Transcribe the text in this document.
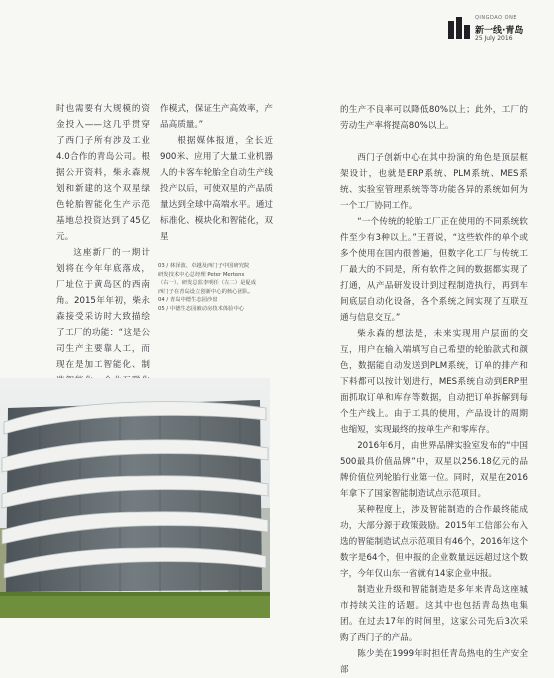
QINGDAO ONE
新一线·青岛
25 July 2016

时也需要有大规模的资金投入——这几乎贯穿了西门子所有涉及工业4.0合作的青岛公司。根据公开资料，柴永森规划和新建的这个双星绿色轮胎智能化生产示范基地总投资达到了45亿元。

这座新厂的一期计划将在今年年底落成，厂址位于黄岛区的西南角。2015年年初，柴永森接受采访时大致描绘了工厂的功能：“这是公司生产主要靠人工，而现在是加工智能化、制

作模式，保证生产高效率，产品高质量。”

根据媒体报道，全长近900米、应用了大量工业机器人的卡客车轮胎全自动生产线投产以后，可使双星的产品质量达到全球中高端水平。通过标准化、模块化和智能化，双星

的生产不良率可以降低80%以上；此外，工厂的劳动生产率将提高80%以上。

西门子创新中心在其中扮演的角色是顶层框架设计，也就是ERP系统、PLM系统、MES系统、实验室管理系统等等功能各异的系统如何为一个工厂协同工作。

“一个传统的轮胎工厂正在使用的不同系统软件至少有3种以上。”王晋说，“这些软件的单个或多个使用在国内很普遍，但数字化工厂与传统工厂最大的不同是，所有软件之间的数据都实现了打通，从产品研发设计到过程制造执行，再到车间底层自动化设备，各个系统之间实现了互联互通与信息交互。”

柴永森的想法是，未来实现用户层面的交互，用户在输入端填写自己希望的轮胎款式和颜色，数据能自动发送到PLM系统，订单的排产和下料都可以按计划进行，MES系统自动到ERP里面抓取订单和库存等数据，自动把订单拆解到每个生产线上。由于工具的使用，产品设计的周期也缩短，实现最终的按单生产和零库存。

2016年6月，由世界品牌实验室发布的“中国500最具价值品牌”中，双星以256.18亿元的品牌价值位列轮胎行业第一位。同时，双星在2016年拿下了国家智能制造试点示范项目。

某种程度上，涉及智能制造的合作最终能成功，大部分源于政策鼓励。2015年工信部公布入选的智能制造试点示范项目有46个，2016年这个数字是64个，但申报的企业数量远远超过这个数字，今年仅山东一省就有14家企业申报。

制造业升级和智能制造是多年来青岛这座城市持续关注的话题。这其中也包括青岛热电集团。在过去17年的时间里，这家公司先后3次采购了西门子的产品。

陈少美在1999年时担任青岛热电的生产安全部

03 / 林泽波、卓越及西门子中国研究院
研发技术中心总经理 Peter Mertens
（右一）、研发总监李明任（左二）是促成
西门子在青岛设立创新中心的核心团队。
04 / 青岛中德生态园沙盘
05 / 中德生态园被动房技术体验中心
